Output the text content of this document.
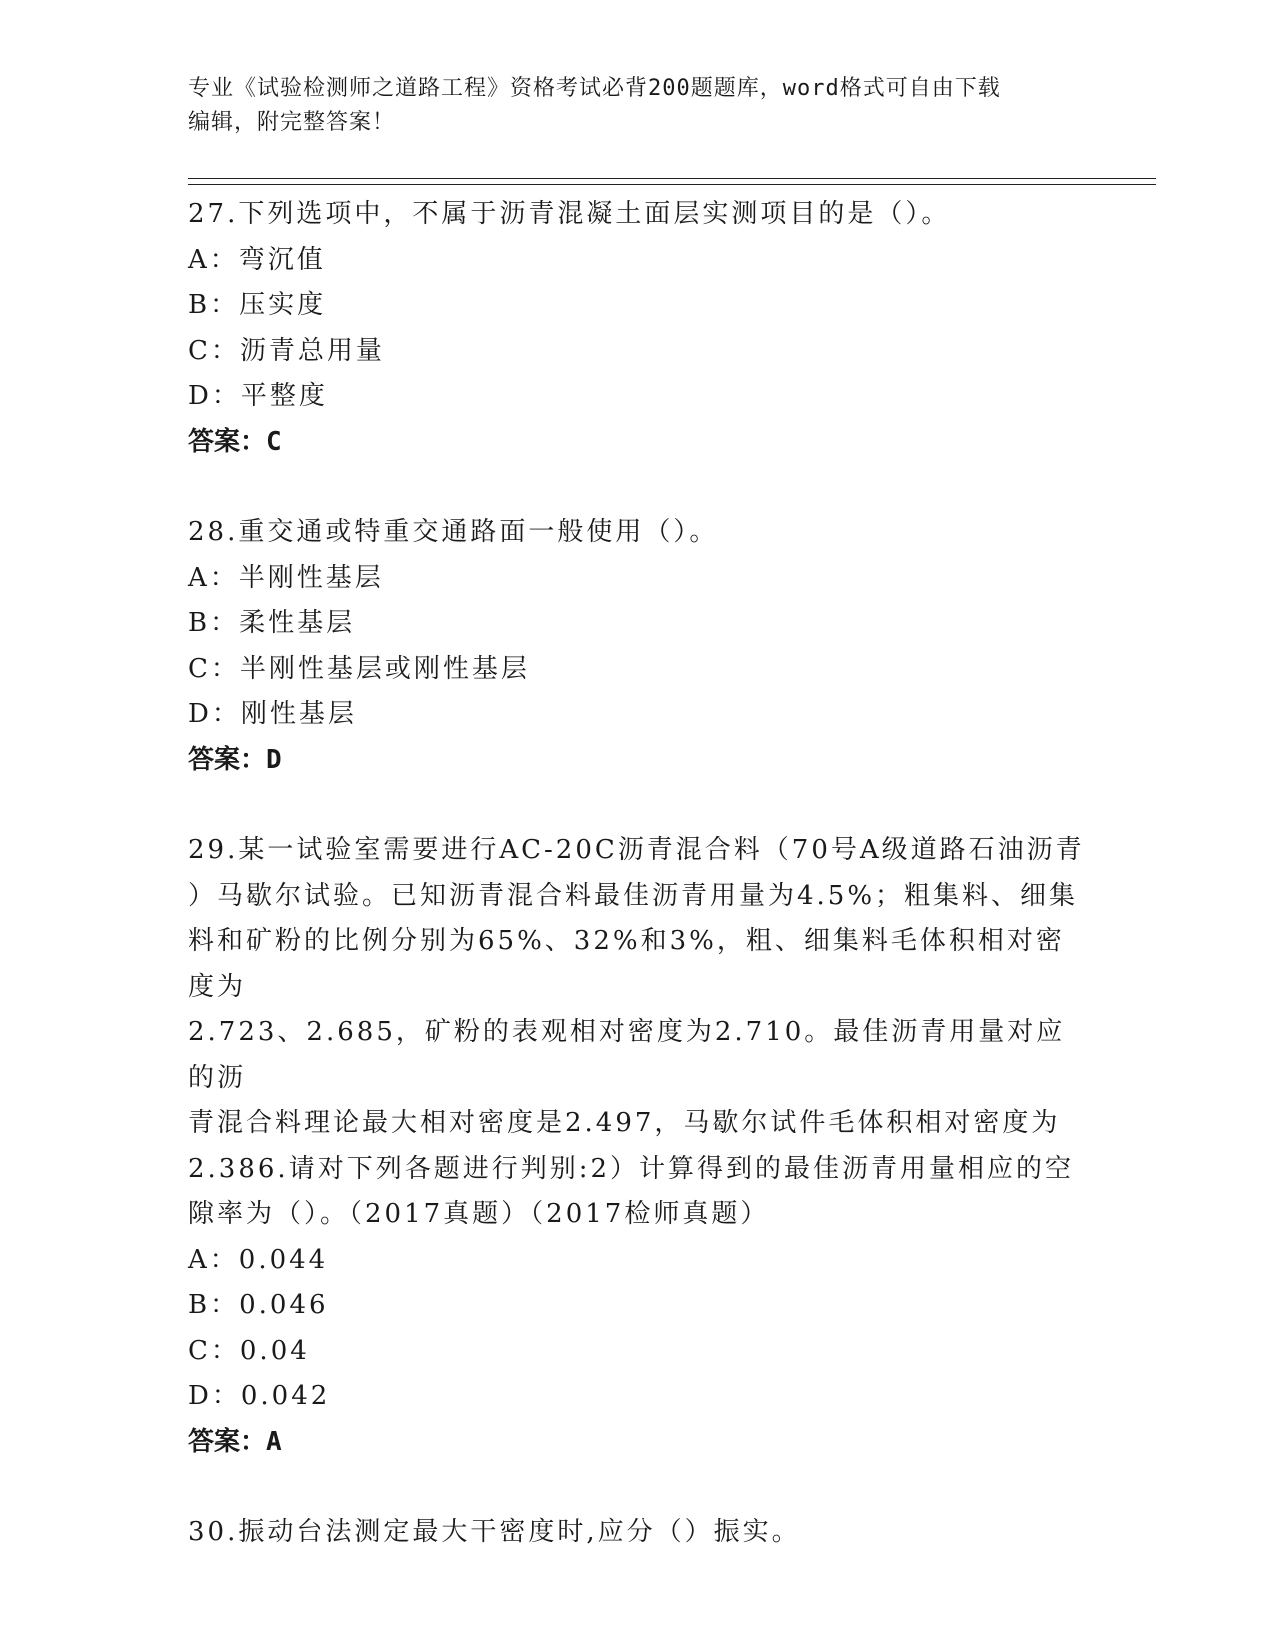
专业《试验检测师之道路工程》资格考试必背200题题库，word格式可自由下载
编辑，附完整答案！

27.下列选项中，不属于沥青混凝土面层实测项目的是（）。

A：弯沉值

B：压实度

C：沥青总用量

D：平整度

答案：C

28.重交通或特重交通路面一般使用（）。

A：半刚性基层

B：柔性基层

C：半刚性基层或刚性基层

D：刚性基层

答案：D

29.某一试验室需要进行AC-20C沥青混合料（70号A级道路石油沥青

）马歇尔试验。已知沥青混合料最佳沥青用量为4.5%；粗集料、细集

料和矿粉的比例分别为65%、32%和3%，粗、细集料毛体积相对密度为

2.723、2.685，矿粉的表观相对密度为2.710。最佳沥青用量对应的沥

青混合料理论最大相对密度是2.497，马歇尔试件毛体积相对密度为

2.386.请对下列各题进行判别:2）计算得到的最佳沥青用量相应的空

隙率为（）。（2017真题）（2017检师真题）

A：0.044

B：0.046

C：0.04

D：0.042

答案：A

30.振动台法测定最大干密度时,应分（）振实。
